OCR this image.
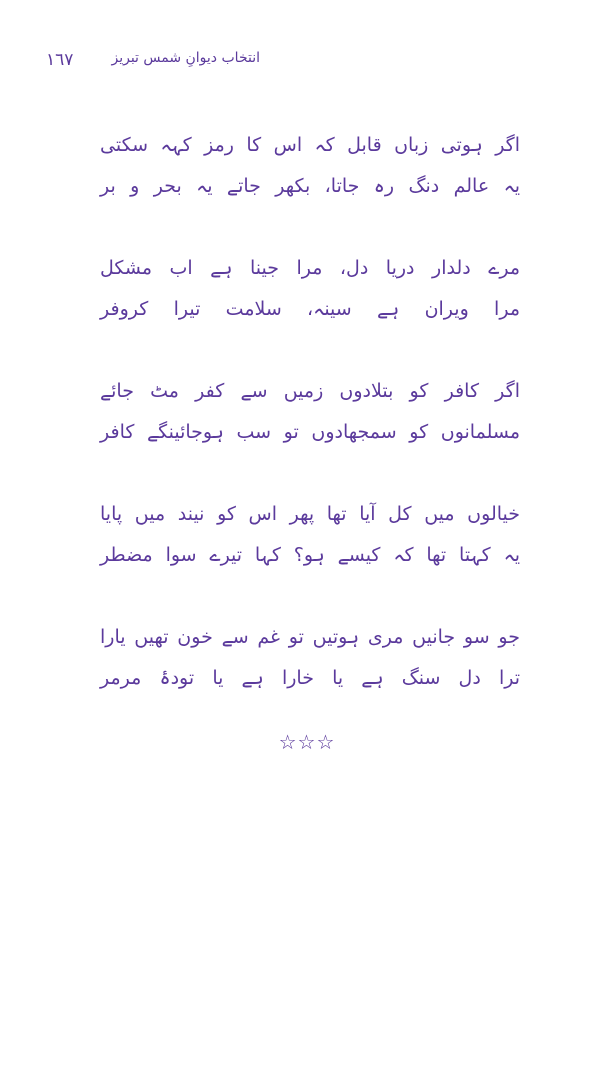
١٦٧	انتخاب دیوانِ شمس تبریز
اگر ہوتی زباں قابل کہ اس کا رمز کہہ سکتی
یہ عالم دنگ رہ جاتا، بکھر جاتے یہ بحر و بر
مرے دلدار دریا دل، مرا جینا ہے اب مشکل
مرا ویران ہے سینہ، سلامت تیرا کروفر
اگر کافر کو بتلادوں زمیں سے کفر مٹ جائے
مسلمانوں کو سمجھادوں تو سب ہوجائینگے کافر
خیالوں میں کل آیا تھا پھر اس کو نیند میں پایا
یہ کہتا تھا کہ کیسے ہو؟ کہا تیرے سوا مضطر
جو سو جانیں مری ہوتیں تو غم سے خون تھیں یارا
ترا دل سنگ ہے یا خارا ہے یا تودۂ مرمر
☆☆☆
